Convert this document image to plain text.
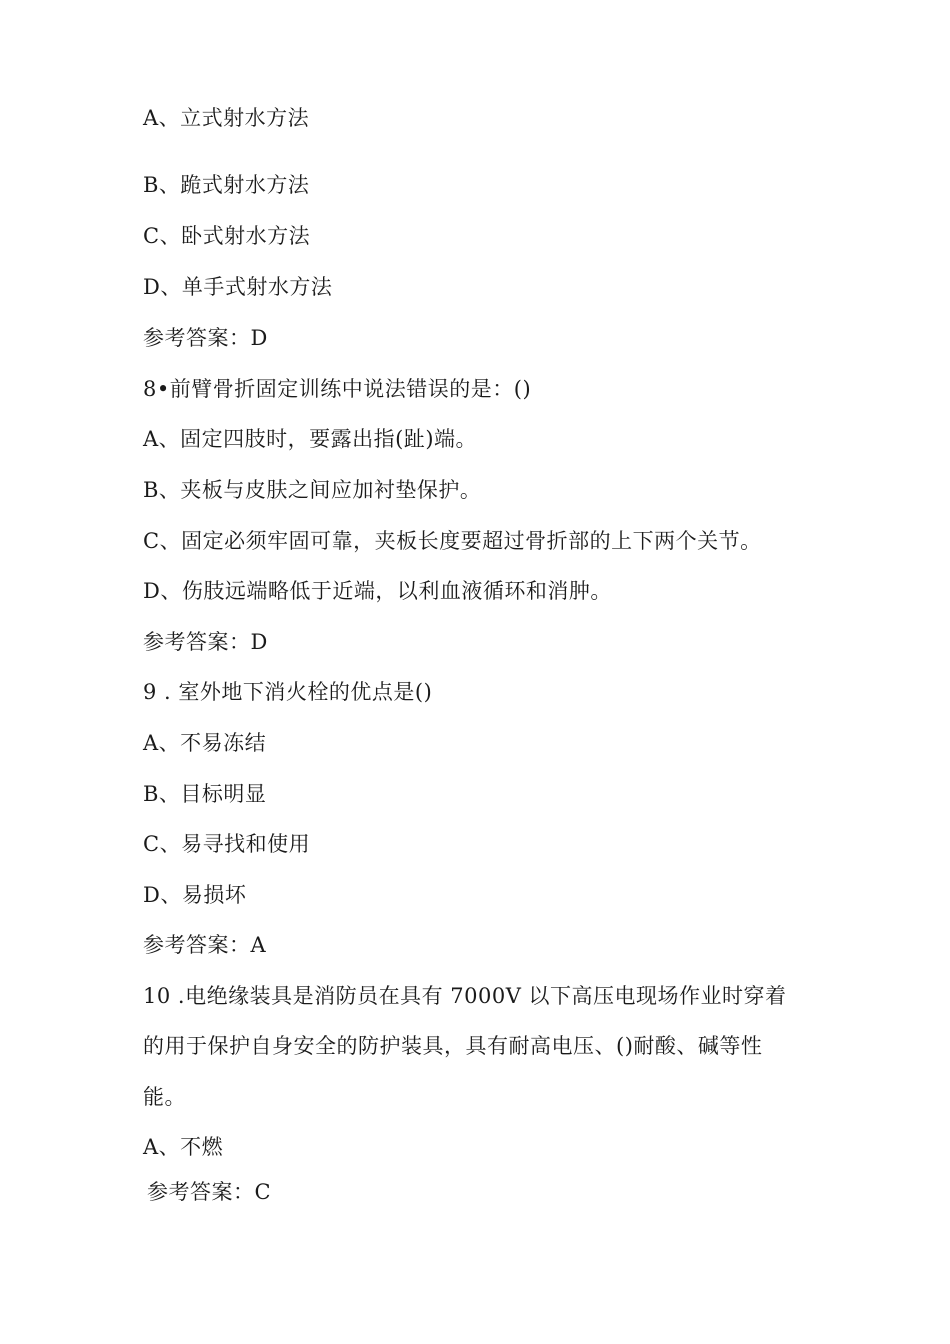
A、立式射水方法
B、跪式射水方法
C、卧式射水方法
D、单手式射水方法
参考答案：D
8•前臂骨折固定训练中说法错误的是：()
A、固定四肢时，要露出指(趾)端。
B、夹板与皮肤之间应加衬垫保护。
C、固定必须牢固可靠，夹板长度要超过骨折部的上下两个关节。
D、伤肢远端略低于近端，以利血液循环和消肿。
参考答案：D
9 . 室外地下消火栓的优点是()
A、不易冻结
B、目标明显
C、易寻找和使用
D、易损坏
参考答案：A
10 .电绝缘装具是消防员在具有 7000V 以下高压电现场作业时穿着
的用于保护自身安全的防护装具，具有耐高电压、()耐酸、碱等性
能。
A、不燃
参考答案：C
